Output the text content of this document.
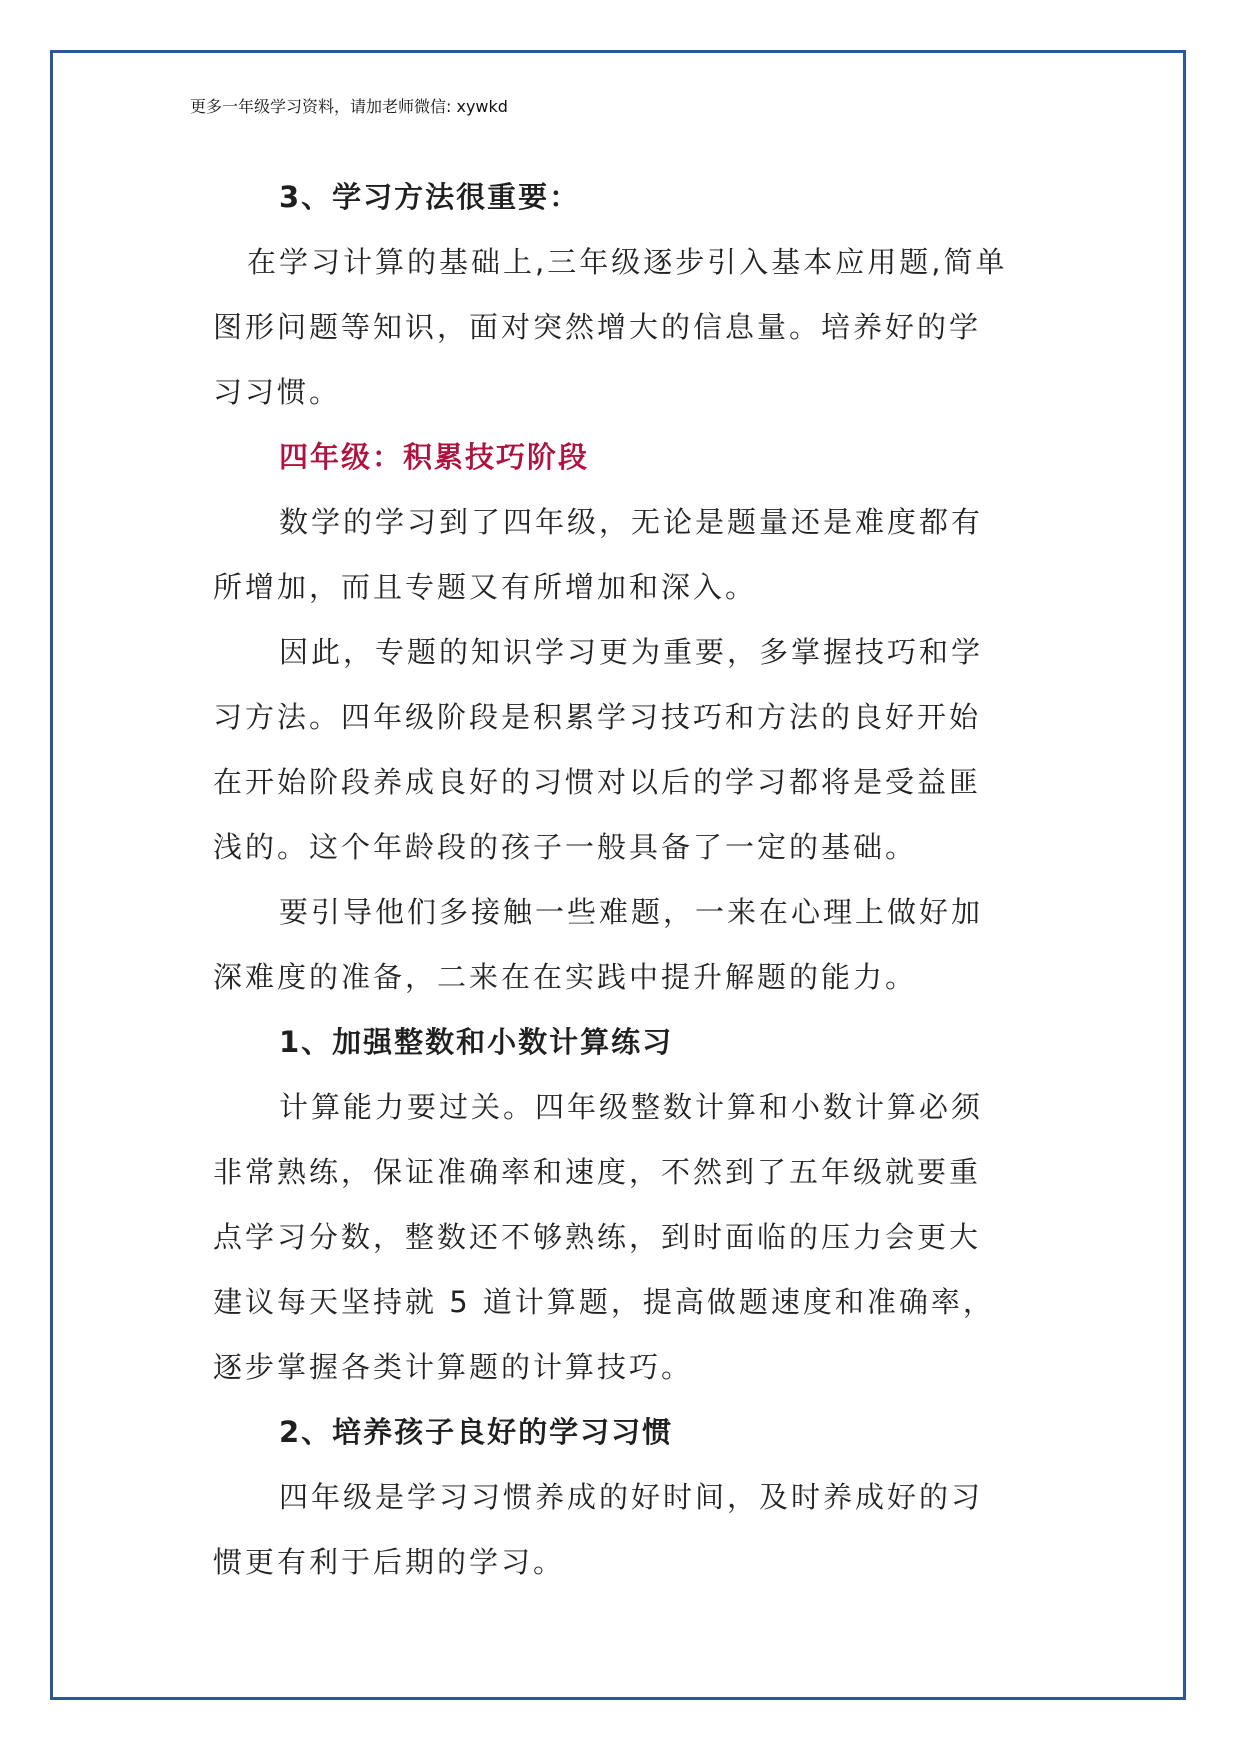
更多一年级学习资料，请加老师微信: xywkd
3、学习方法很重要：
在学习计算的基础上,三年级逐步引入基本应用题,简单
图形问题等知识，面对突然增大的信息量。培养好的学
习习惯。
四年级：积累技巧阶段
数学的学习到了四年级，无论是题量还是难度都有
所增加，而且专题又有所增加和深入。
因此，专题的知识学习更为重要，多掌握技巧和学
习方法。四年级阶段是积累学习技巧和方法的良好开始
在开始阶段养成良好的习惯对以后的学习都将是受益匪
浅的。这个年龄段的孩子一般具备了一定的基础。
要引导他们多接触一些难题，一来在心理上做好加
深难度的准备，二来在在实践中提升解题的能力。
1、加强整数和小数计算练习
计算能力要过关。四年级整数计算和小数计算必须
非常熟练，保证准确率和速度，不然到了五年级就要重
点学习分数，整数还不够熟练，到时面临的压力会更大
建议每天坚持就 5 道计算题，提高做题速度和准确率，
逐步掌握各类计算题的计算技巧。
2、培养孩子良好的学习习惯
四年级是学习习惯养成的好时间，及时养成好的习
惯更有利于后期的学习。
